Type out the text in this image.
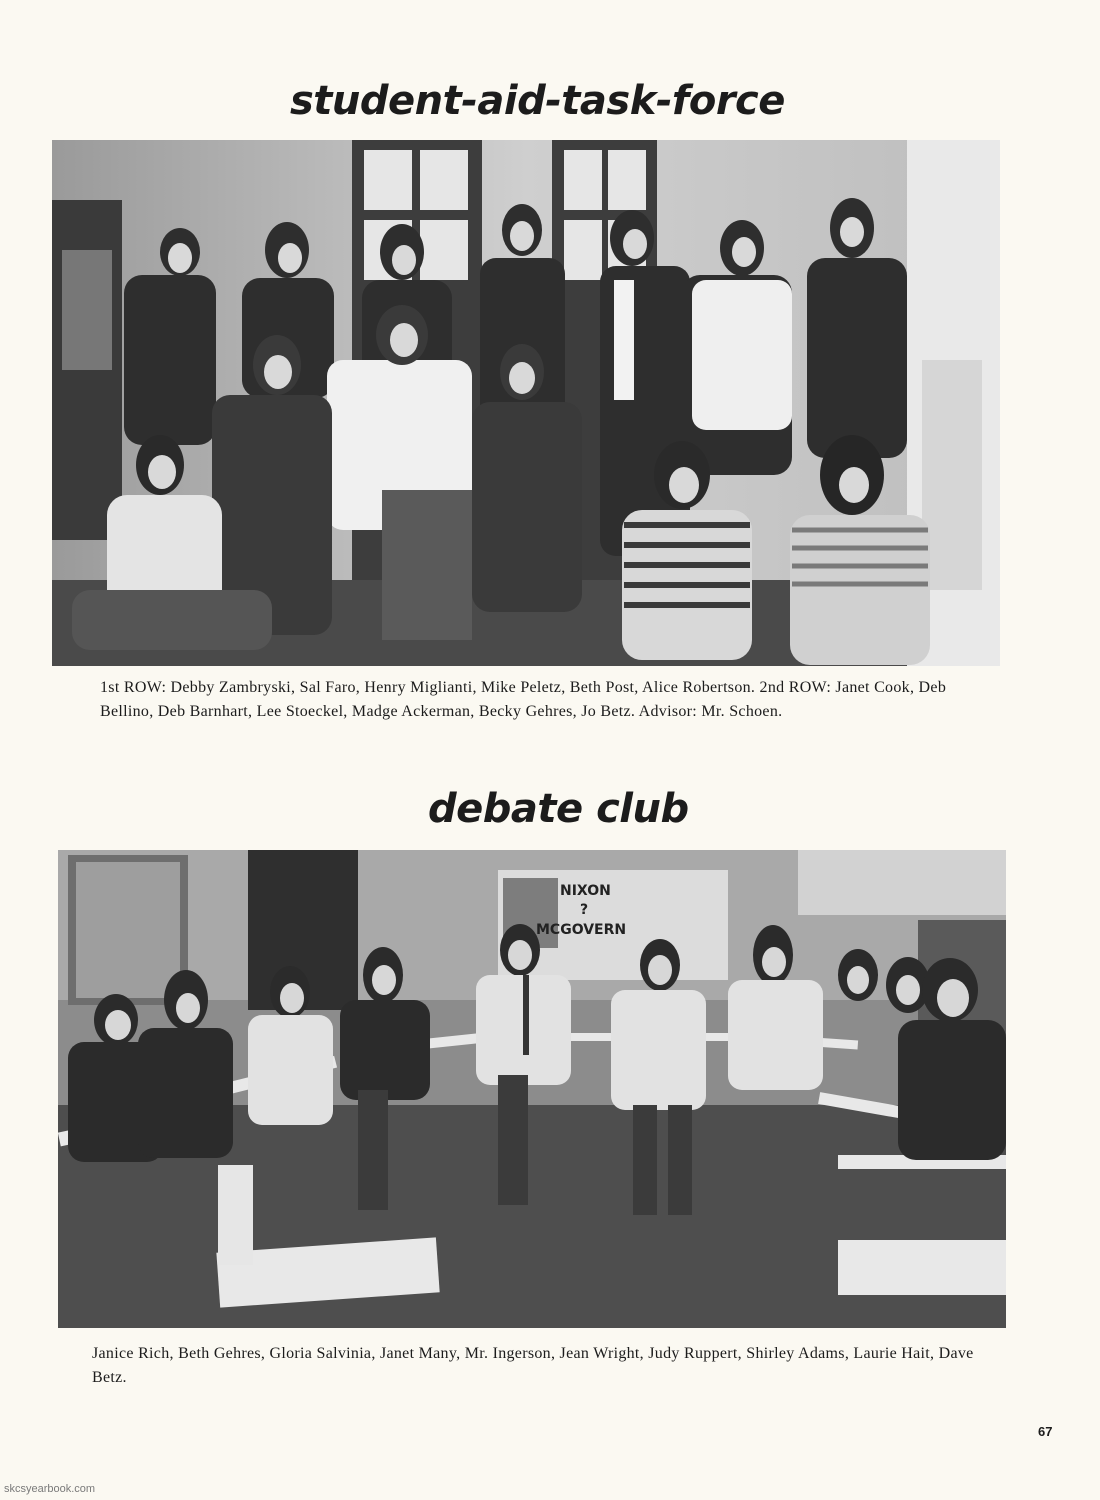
student-aid-task-force

1st ROW: Debby Zambryski, Sal Faro, Henry Miglianti, Mike Peletz, Beth Post, Alice Robertson. 2nd ROW: Janet Cook, Deb Bellino, Deb Barnhart, Lee Stoeckel, Madge Ackerman, Becky Gehres, Jo Betz. Advisor: Mr. Schoen.

debate club
NIXON
?
MCGOVERN

Janice Rich, Beth Gehres, Gloria Salvinia, Janet Many, Mr. Ingerson, Jean Wright, Judy Ruppert, Shirley Adams, Laurie Hait, Dave Betz.

67

skcsyearbook.com
